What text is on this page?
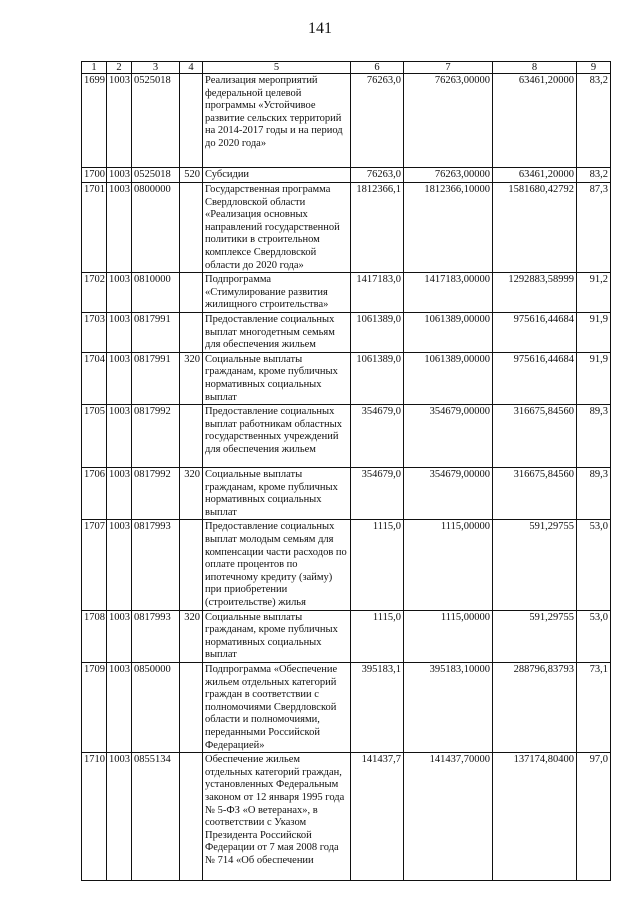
141
1	2	3	4	5	6	7	8	9
1699	1003	0525018		Реализация мероприятий федеральной целевой программы «Устойчивое развитие сельских территорий на 2014-2017 годы и на период до 2020 года»	76263,0	76263,00000	63461,20000	83,2
1700	1003	0525018	520	Субсидии	76263,0	76263,00000	63461,20000	83,2
1701	1003	0800000		Государственная программа Свердловской области «Реализация основных направлений государственной политики в строительном комплексе Свердловской области до 2020 года»	1812366,1	1812366,10000	1581680,42792	87,3
1702	1003	0810000		Подпрограмма «Стимулирование развития жилищного строительства»	1417183,0	1417183,00000	1292883,58999	91,2
1703	1003	0817991		Предоставление социальных выплат многодетным семьям для обеспечения жильем	1061389,0	1061389,00000	975616,44684	91,9
1704	1003	0817991	320	Социальные выплаты гражданам, кроме публичных нормативных социальных выплат	1061389,0	1061389,00000	975616,44684	91,9
1705	1003	0817992		Предоставление социальных выплат работникам областных государственных учреждений для обеспечения жильем	354679,0	354679,00000	316675,84560	89,3
1706	1003	0817992	320	Социальные выплаты гражданам, кроме публичных нормативных социальных выплат	354679,0	354679,00000	316675,84560	89,3
1707	1003	0817993		Предоставление социальных выплат молодым семьям для компенсации части расходов по оплате процентов по ипотечному кредиту (займу) при приобретении (строительстве) жилья	1115,0	1115,00000	591,29755	53,0
1708	1003	0817993	320	Социальные выплаты гражданам, кроме публичных нормативных социальных выплат	1115,0	1115,00000	591,29755	53,0
1709	1003	0850000		Подпрограмма «Обеспечение жильем отдельных категорий граждан в соответствии с полномочиями Свердловской области и полномочиями, переданными Российской Федерацией»	395183,1	395183,10000	288796,83793	73,1
1710	1003	0855134		Обеспечение жильем отдельных категорий граждан, установленных Федеральным законом от 12 января 1995 года № 5-ФЗ «О ветеранах», в соответствии с Указом Президента Российской Федерации от 7 мая 2008 года № 714 «Об обеспечении	141437,7	141437,70000	137174,80400	97,0
